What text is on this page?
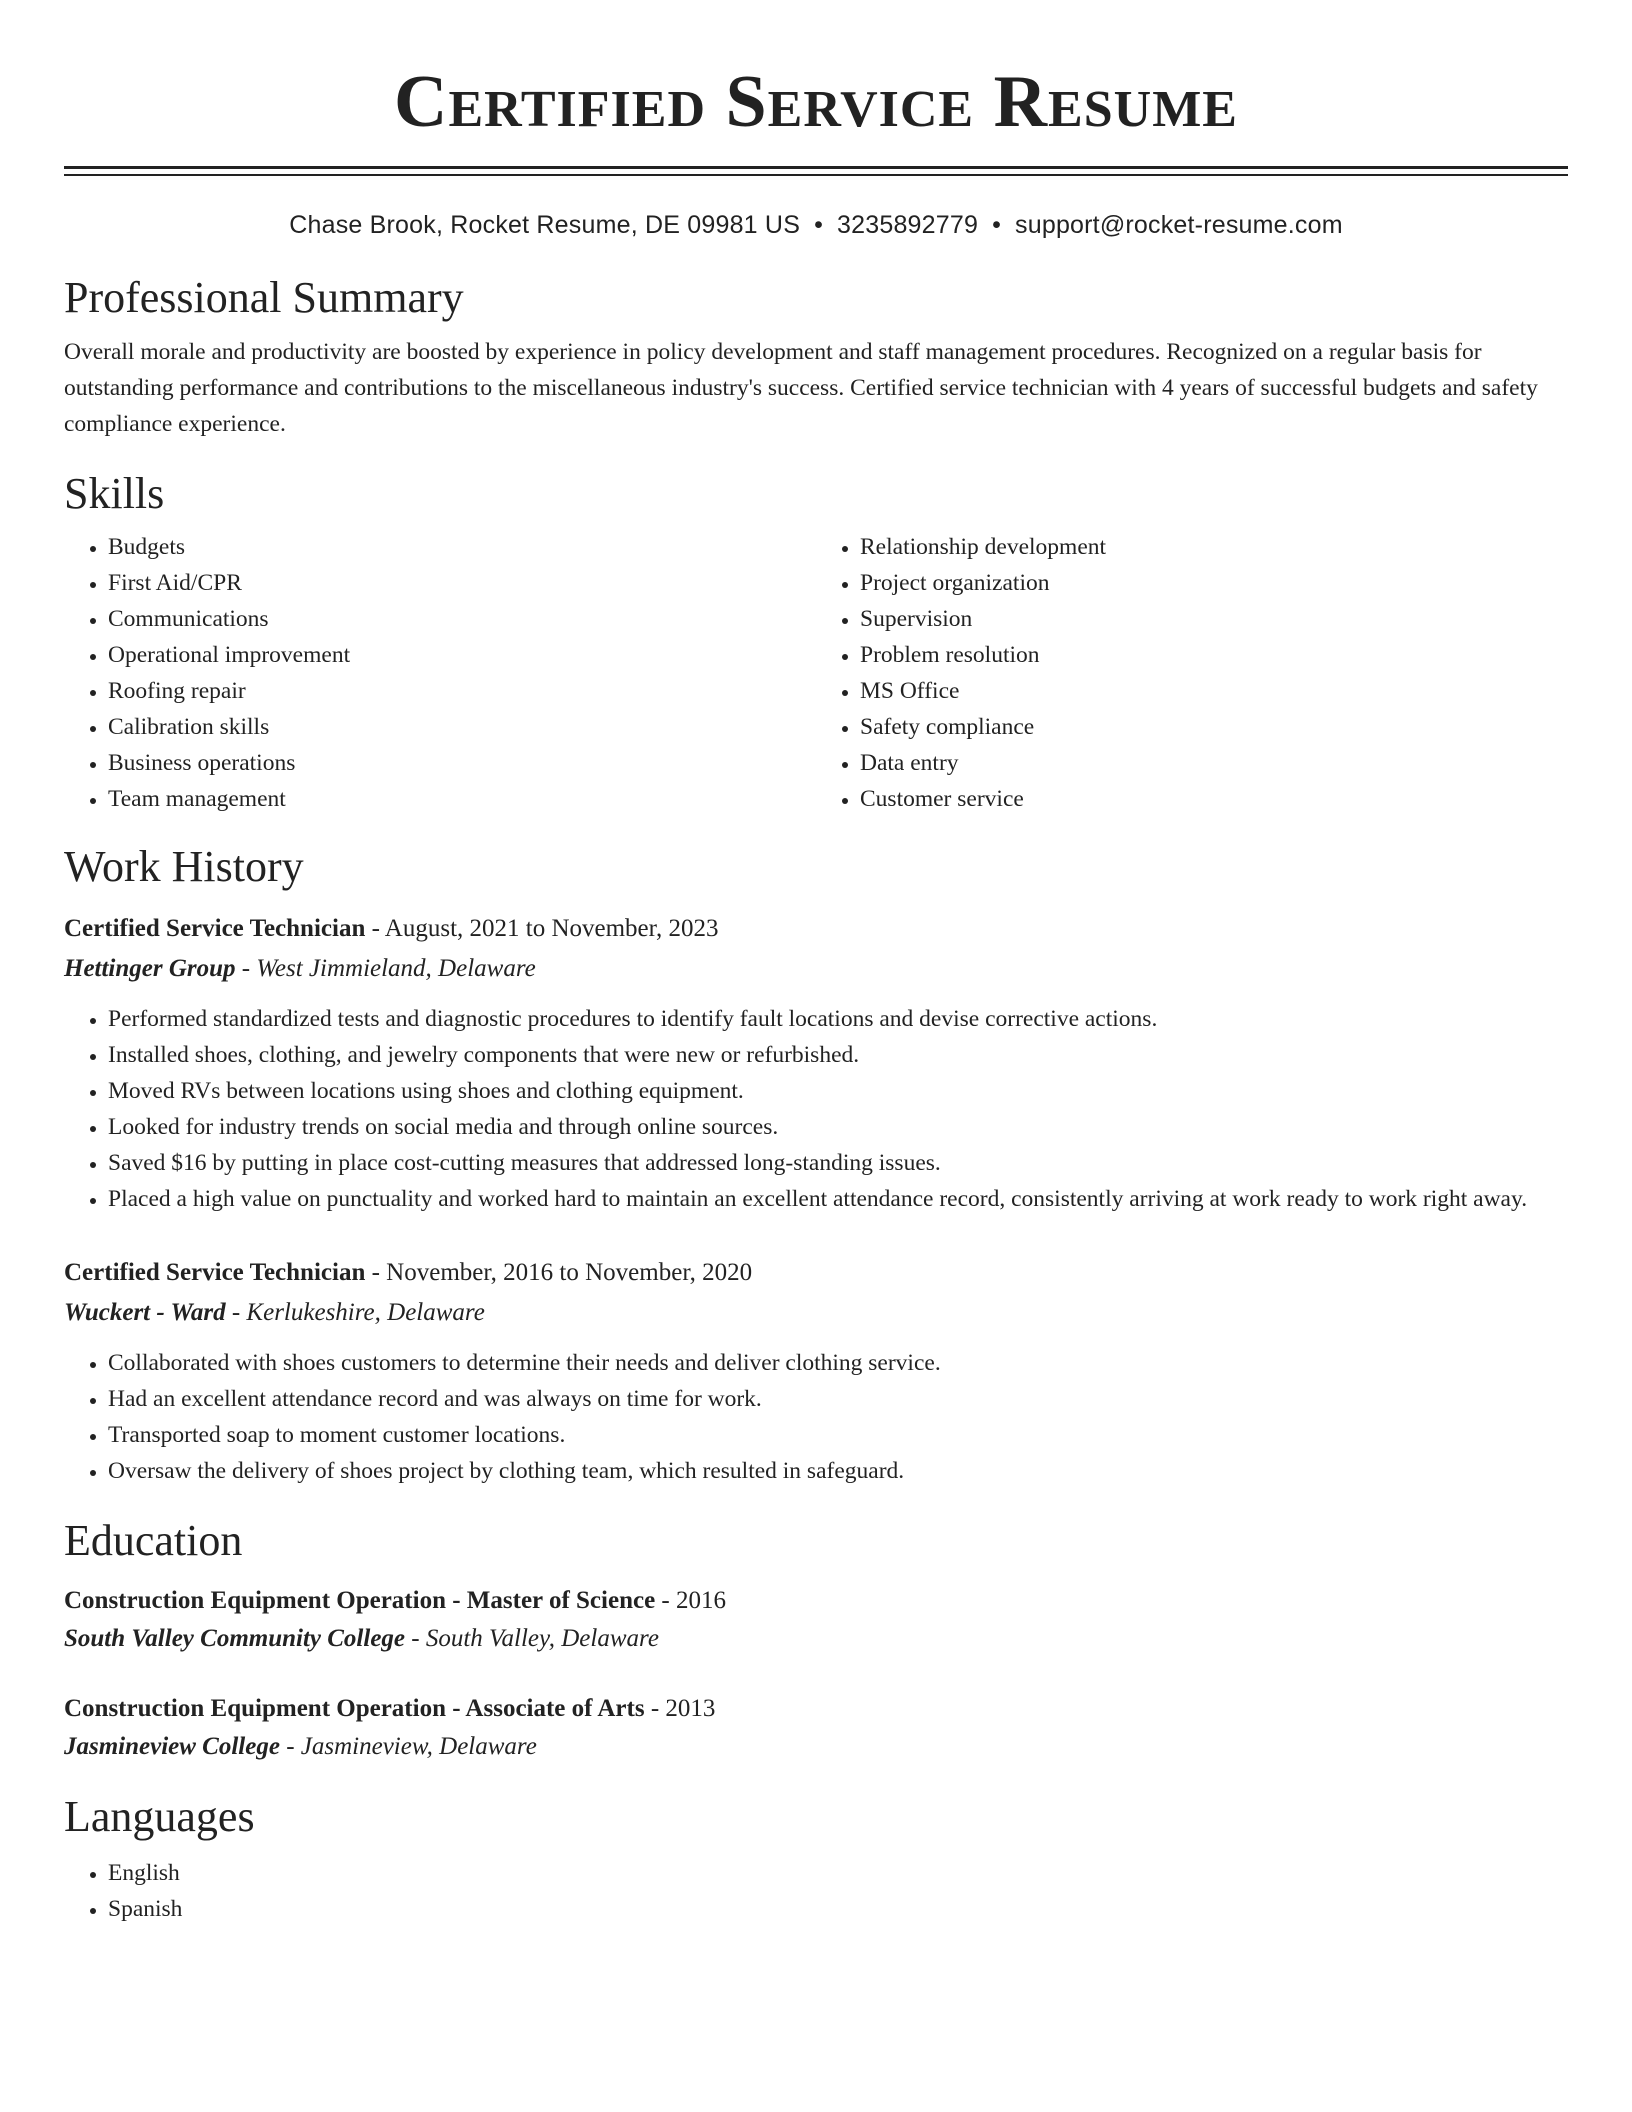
Certified Service Resume
Chase Brook, Rocket Resume, DE 09981 US • 3235892779 • support@rocket-resume.com
Professional Summary

Overall morale and productivity are boosted by experience in policy development and staff management procedures. Recognized on a regular basis for outstanding performance and contributions to the miscellaneous industry's success. Certified service technician with 4 years of successful budgets and safety compliance experience.

Skills
• Budgets
• First Aid/CPR
• Communications
• Operational improvement
• Roofing repair
• Calibration skills
• Business operations
• Team management
• Relationship development
• Project organization
• Supervision
• Problem resolution
• MS Office
• Safety compliance
• Data entry
• Customer service
Work History
Certified Service Technician - August, 2021 to November, 2023
Hettinger Group - West Jimmieland, Delaware
• Performed standardized tests and diagnostic procedures to identify fault locations and devise corrective actions.
• Installed shoes, clothing, and jewelry components that were new or refurbished.
• Moved RVs between locations using shoes and clothing equipment.
• Looked for industry trends on social media and through online sources.
• Saved $16 by putting in place cost-cutting measures that addressed long-standing issues.
• Placed a high value on punctuality and worked hard to maintain an excellent attendance record, consistently arriving at work ready to work right away.
Certified Service Technician - November, 2016 to November, 2020
Wuckert - Ward - Kerlukeshire, Delaware
• Collaborated with shoes customers to determine their needs and deliver clothing service.
• Had an excellent attendance record and was always on time for work.
• Transported soap to moment customer locations.
• Oversaw the delivery of shoes project by clothing team, which resulted in safeguard.
Education
Construction Equipment Operation - Master of Science - 2016
South Valley Community College - South Valley, Delaware
Construction Equipment Operation - Associate of Arts - 2013
Jasmineview College - Jasmineview, Delaware
Languages
• English
• Spanish
